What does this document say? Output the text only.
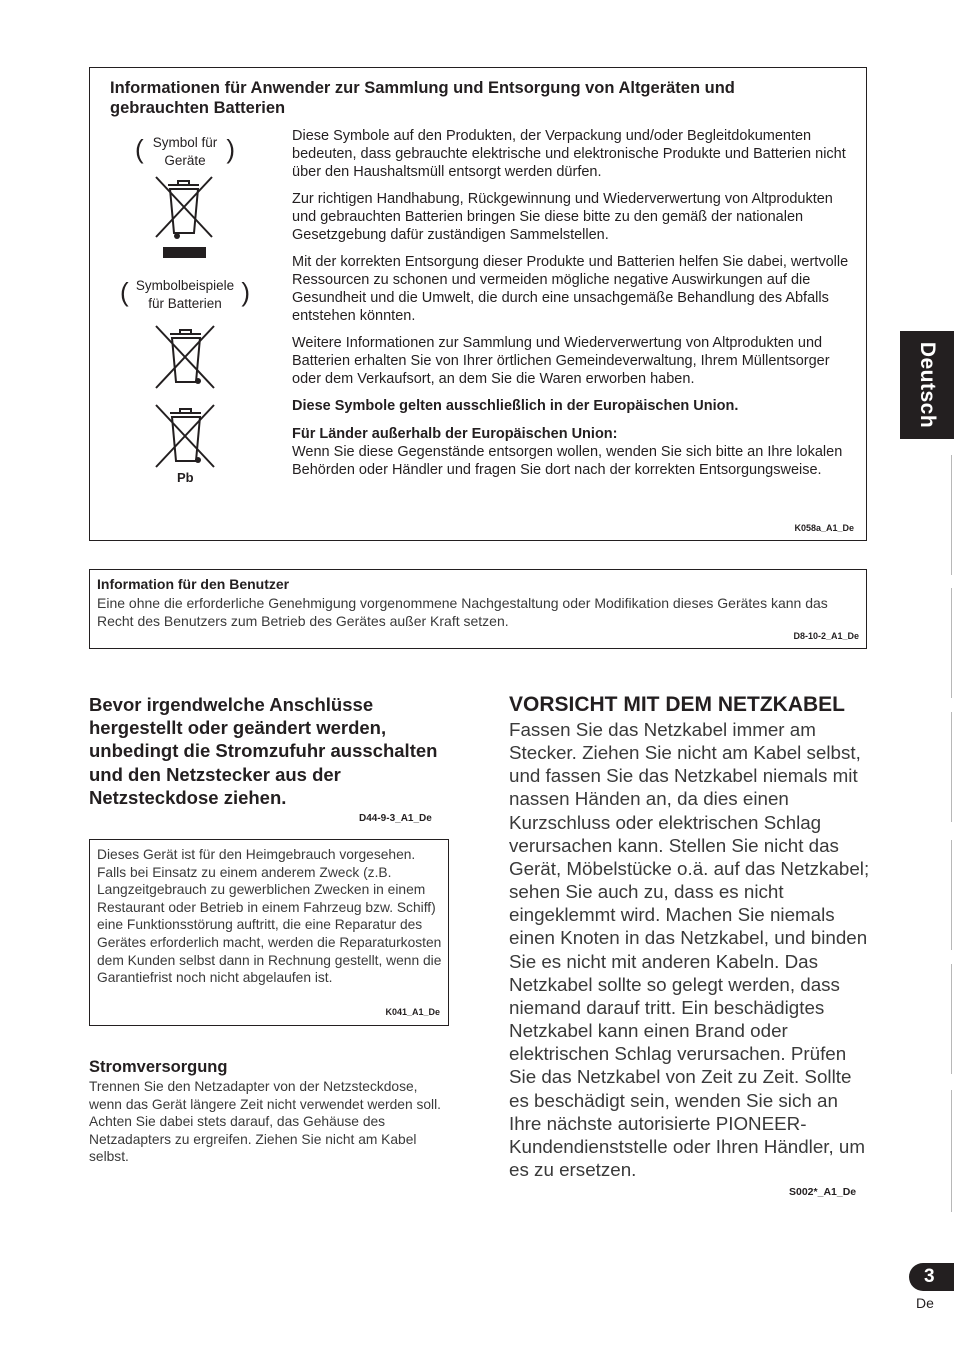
Informationen für Anwender zur Sammlung und Entsorgung von Altgeräten und gebrauchten Batterien
( Symbol für
Geräte )
( Symbolbeispiele
für Batterien )
Pb

Diese Symbole auf den Produkten, der Verpackung und/oder Begleitdokumenten bedeuten, dass gebrauchte elektrische und elektronische Produkte und Batterien nicht über den Haushaltsmüll entsorgt werden dürfen.

Zur richtigen Handhabung, Rückgewinnung und Wiederverwertung von Altprodukten und gebrauchten Batterien bringen Sie diese bitte zu den gemäß der nationalen Gesetzgebung dafür zuständigen Sammelstellen.

Mit der korrekten Entsorgung dieser Produkte und Batterien helfen Sie dabei, wertvolle Ressourcen zu schonen und vermeiden mögliche negative Auswirkungen auf die Gesundheit und die Umwelt, die durch eine unsachgemäße Behandlung des Abfalls entstehen könnten.

Weitere Informationen zur Sammlung und Wiederverwertung von Altprodukten und Batterien erhalten Sie von Ihrer örtlichen Gemeindeverwaltung, Ihrem Müllentsorger oder dem Verkaufsort, an dem Sie die Waren erworben haben.

Diese Symbole gelten ausschließlich in der Europäischen Union.

Für Länder außerhalb der Europäischen Union:

Wenn Sie diese Gegenstände entsorgen wollen, wenden Sie sich bitte an Ihre lokalen Behörden oder Händler und fragen Sie dort nach der korrekten Entsorgungsweise.

K058a_A1_De
Information für den Benutzer
Eine ohne die erforderliche Genehmigung vorgenommene Nachgestaltung oder Modifikation dieses Gerätes kann das Recht des Benutzers zum Betrieb des Gerätes außer Kraft setzen.
D8-10-2_A1_De
Bevor irgendwelche Anschlüsse hergestellt oder geändert werden, unbedingt die Stromzufuhr ausschalten und den Netzstecker aus der Netzsteckdose ziehen.
D44-9-3_A1_De
Dieses Gerät ist für den Heimgebrauch vorgesehen. Falls bei Einsatz zu einem anderem Zweck (z.B. Langzeitgebrauch zu gewerblichen Zwecken in einem Restaurant oder Betrieb in einem Fahrzeug bzw. Schiff) eine Funktionsstörung auftritt, die eine Reparatur des Gerätes erforderlich macht, werden die Reparaturkosten dem Kunden selbst dann in Rechnung gestellt, wenn die Garantiefrist noch nicht abgelaufen ist.
K041_A1_De
Stromversorgung
Trennen Sie den Netzadapter von der Netzsteckdose, wenn das Gerät längere Zeit nicht verwendet werden soll. Achten Sie dabei stets darauf, das Gehäuse des Netzadapters zu ergreifen. Ziehen Sie nicht am Kabel selbst.
VORSICHT MIT DEM NETZKABEL
Fassen Sie das Netzkabel immer am Stecker. Ziehen Sie nicht am Kabel selbst, und fassen Sie das Netzkabel niemals mit nassen Händen an, da dies einen Kurzschluss oder elektrischen Schlag verursachen kann. Stellen Sie nicht das Gerät, Möbelstücke o.ä. auf das Netzkabel; sehen Sie auch zu, dass es nicht eingeklemmt wird. Machen Sie niemals einen Knoten in das Netzkabel, und binden Sie es nicht mit anderen Kabeln. Das Netzkabel sollte so gelegt werden, dass niemand darauf tritt. Ein beschädigtes Netzkabel kann einen Brand oder elektrischen Schlag verursachen. Prüfen Sie das Netzkabel von Zeit zu Zeit. Sollte es beschädigt sein, wenden Sie sich an Ihre nächste autorisierte PIONEER-Kundendienststelle oder Ihren Händler, um es zu ersetzen.
S002*_A1_De
Deutsch
3
De
